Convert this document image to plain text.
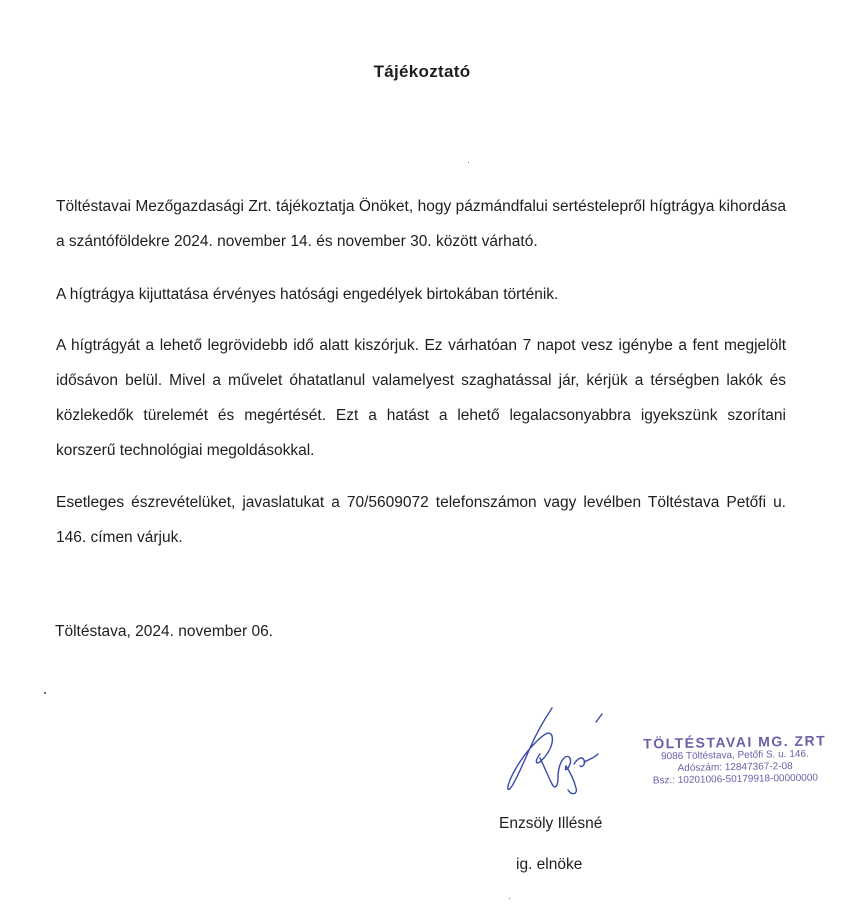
Tájékoztató

Töltéstavai Mezőgazdasági Zrt. tájékoztatja Önöket, hogy pázmándfalui sertéstelepről hígtrágya kihordása a szántóföldekre 2024. november 14. és november 30. között várható.

A hígtrágya kijuttatása érvényes hatósági engedélyek birtokában történik.

A hígtrágyát a lehető legrövidebb idő alatt kiszórjuk. Ez várhatóan 7 napot vesz igénybe a fent megjelölt idősávon belül. Mivel a művelet óhatatlanul valamelyest szaghatással jár, kérjük a térségben lakók és közlekedők türelemét és megértését. Ezt a hatást a lehető legalacsonyabbra igyekszünk szorítani korszerű technológiai megoldásokkal.

Esetleges észrevételüket, javaslatukat a 70/5609072 telefonszámon vagy levélben Töltéstava Petőfi u. 146. címen várjuk.

Töltéstava, 2024. november 06.
TÖLTÉSTAVAI MG. ZRT
9086 Töltéstava, Petőfi S. u. 146.
Adószám: 12847367-2-08
Bsz.: 10201006-50179918-00000000
Enzsöly Illésné
ig. elnöke
